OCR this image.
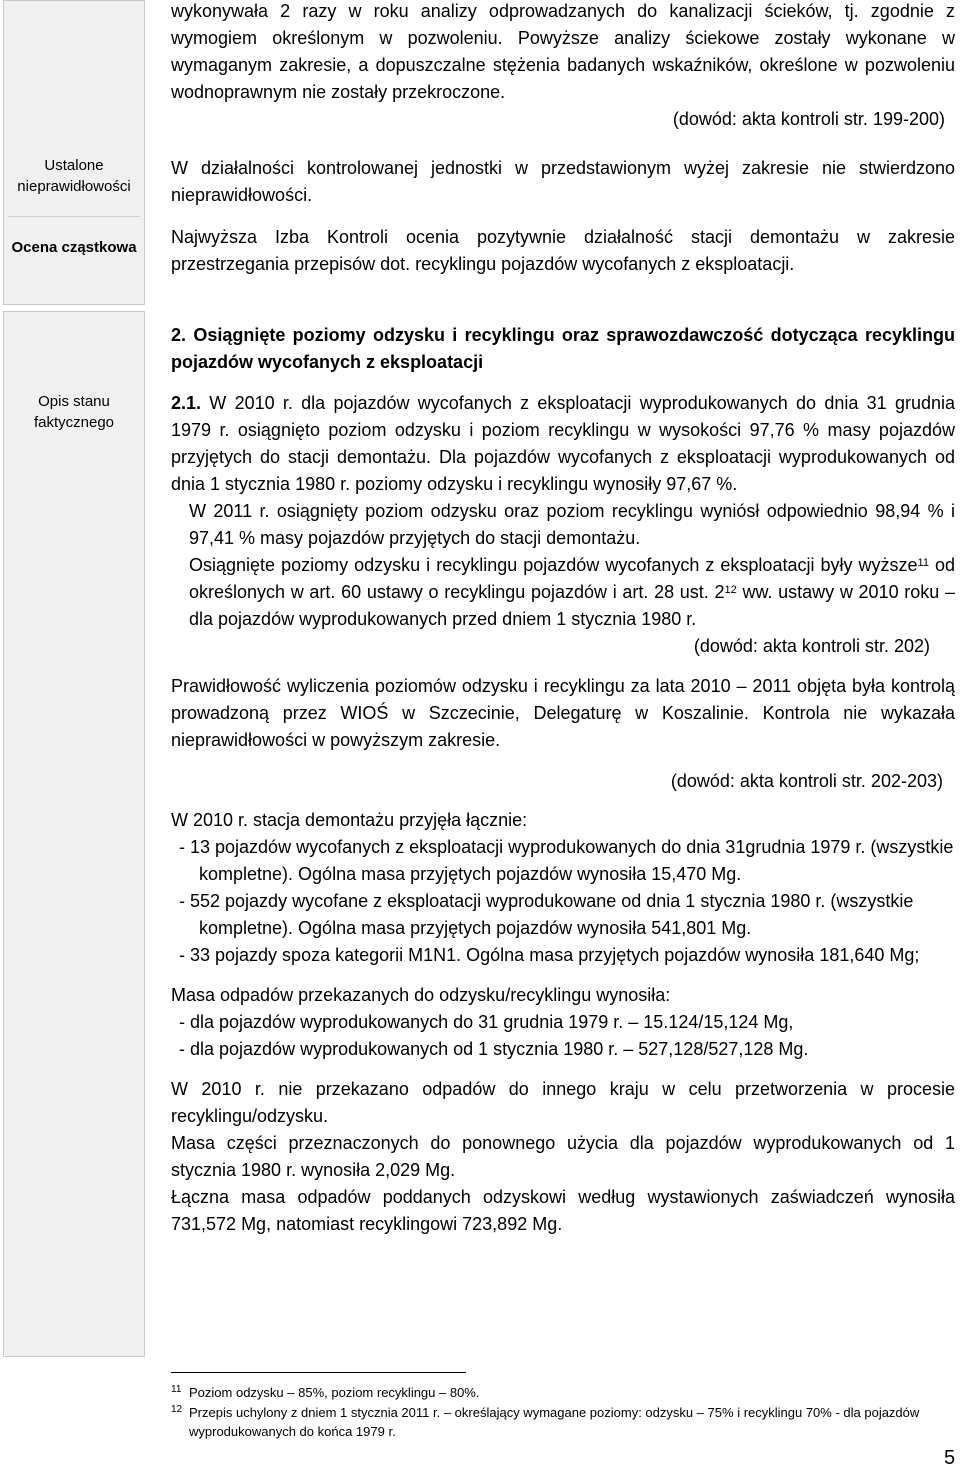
Ustalone nieprawidłowości
Ocena cząstkowa
Opis stanu faktycznego

wykonywała 2 razy w roku analizy odprowadzanych do kanalizacji ścieków, tj. zgodnie z wymogiem określonym w pozwoleniu. Powyższe analizy ściekowe zostały wykonane w wymaganym zakresie, a dopuszczalne stężenia badanych wskaźników, określone w pozwoleniu wodnoprawnym nie zostały przekroczone.

(dowód: akta kontroli str. 199-200)

W działalności kontrolowanej jednostki w przedstawionym wyżej zakresie nie stwierdzono nieprawidłowości.

Najwyższa Izba Kontroli ocenia pozytywnie działalność stacji demontażu w zakresie przestrzegania przepisów dot. recyklingu pojazdów wycofanych z eksploatacji.

2. Osiągnięte poziomy odzysku i recyklingu oraz sprawozdawczość dotycząca recyklingu pojazdów wycofanych z eksploatacji

2.1. W 2010 r. dla pojazdów wycofanych z eksploatacji wyprodukowanych do dnia 31 grudnia 1979 r. osiągnięto poziom odzysku i poziom recyklingu w wysokości 97,76 % masy pojazdów przyjętych do stacji demontażu. Dla pojazdów wycofanych z eksploatacji wyprodukowanych od dnia 1 stycznia 1980 r. poziomy odzysku i recyklingu wynosiły 97,67 %.

W 2011 r. osiągnięty poziom odzysku oraz poziom recyklingu wyniósł odpowiednio 98,94 % i 97,41 % masy pojazdów przyjętych do stacji demontażu.

Osiągnięte poziomy odzysku i recyklingu pojazdów wycofanych z eksploatacji były wyższe$^{11}$ od określonych w art. 60 ustawy o recyklingu pojazdów i art. 28 ust. $2^{12}$ ww. ustawy w 2010 roku – dla pojazdów wyprodukowanych przed dniem 1 stycznia 1980 r.

(dowód: akta kontroli str. 202)

Prawidłowość wyliczenia poziomów odzysku i recyklingu za lata 2010 – 2011 objęta była kontrolą prowadzoną przez WIOŚ w Szczecinie, Delegaturę w Koszalinie. Kontrola nie wykazała nieprawidłowości w powyższym zakresie.

(dowód: akta kontroli str. 202-203)

W 2010 r. stacja demontażu przyjęła łącznie:

- 13 pojazdów wycofanych z eksploatacji wyprodukowanych do dnia 31grudnia 1979 r. (wszystkie kompletne). Ogólna masa przyjętych pojazdów wynosiła 15,470 Mg.
- 552 pojazdy wycofane z eksploatacji wyprodukowane od dnia 1 stycznia 1980 r. (wszystkie kompletne). Ogólna masa przyjętych pojazdów wynosiła 541,801 Mg.
- 33 pojazdy spoza kategorii M1N1. Ogólna masa przyjętych pojazdów wynosiła 181,640 Mg;

Masa odpadów przekazanych do odzysku/recyklingu wynosiła:

- dla pojazdów wyprodukowanych do 31 grudnia 1979 r. – 15.124/15,124 Mg,
- dla pojazdów wyprodukowanych od 1 stycznia 1980 r. – 527,128/527,128 Mg.

W 2010 r. nie przekazano odpadów do innego kraju w celu przetworzenia w procesie recyklingu/odzysku.

Masa części przeznaczonych do ponownego użycia dla pojazdów wyprodukowanych od 1 stycznia 1980 r. wynosiła 2,029 Mg.

Łączna masa odpadów poddanych odzyskowi według wystawionych zaświadczeń wynosiła 731,572 Mg, natomiast recyklingowi 723,892 Mg.

11 Poziom odzysku – 85%, poziom recyklingu – 80%.
12 Przepis uchylony z dniem 1 stycznia 2011 r. – określający wymagane poziomy: odzysku – 75% i recyklingu 70% - dla pojazdów wyprodukowanych do końca 1979 r.
5
